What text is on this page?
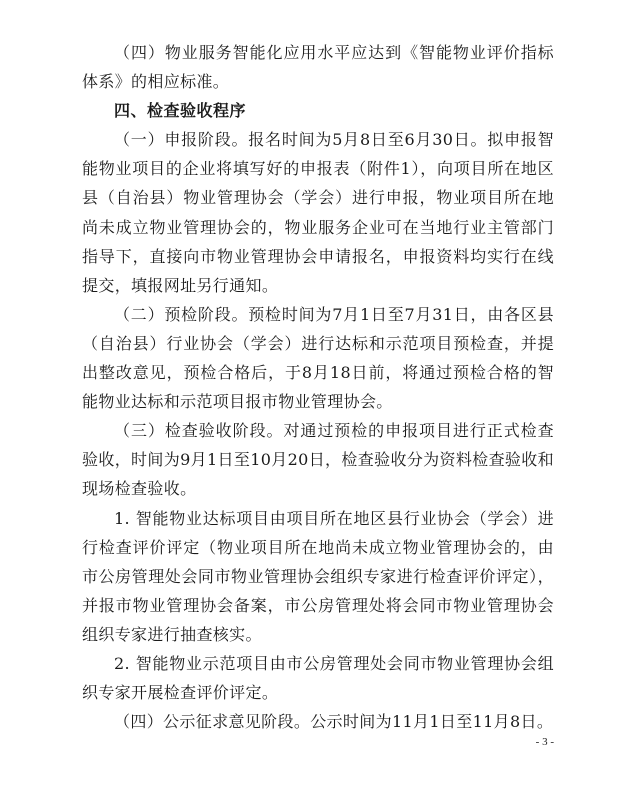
（四）物业服务智能化应用水平应达到《智能物业评价指标体系》的相应标准。

四、检查验收程序

（一）申报阶段。报名时间为5月8日至6月30日。拟申报智能物业项目的企业将填写好的申报表（附件1），向项目所在地区县（自治县）物业管理协会（学会）进行申报，物业项目所在地尚未成立物业管理协会的，物业服务企业可在当地行业主管部门指导下，直接向市物业管理协会申请报名，申报资料均实行在线提交，填报网址另行通知。

（二）预检阶段。预检时间为7月1日至7月31日，由各区县（自治县）行业协会（学会）进行达标和示范项目预检查，并提出整改意见，预检合格后，于8月18日前，将通过预检合格的智能物业达标和示范项目报市物业管理协会。

（三）检查验收阶段。对通过预检的申报项目进行正式检查验收，时间为9月1日至10月20日，检查验收分为资料检查验收和现场检查验收。

1. 智能物业达标项目由项目所在地区县行业协会（学会）进行检查评价评定（物业项目所在地尚未成立物业管理协会的，由市公房管理处会同市物业管理协会组织专家进行检查评价评定），并报市物业管理协会备案，市公房管理处将会同市物业管理协会组织专家进行抽查核实。

2. 智能物业示范项目由市公房管理处会同市物业管理协会组织专家开展检查评价评定。

（四）公示征求意见阶段。公示时间为11月1日至11月8日。

- 3 -
